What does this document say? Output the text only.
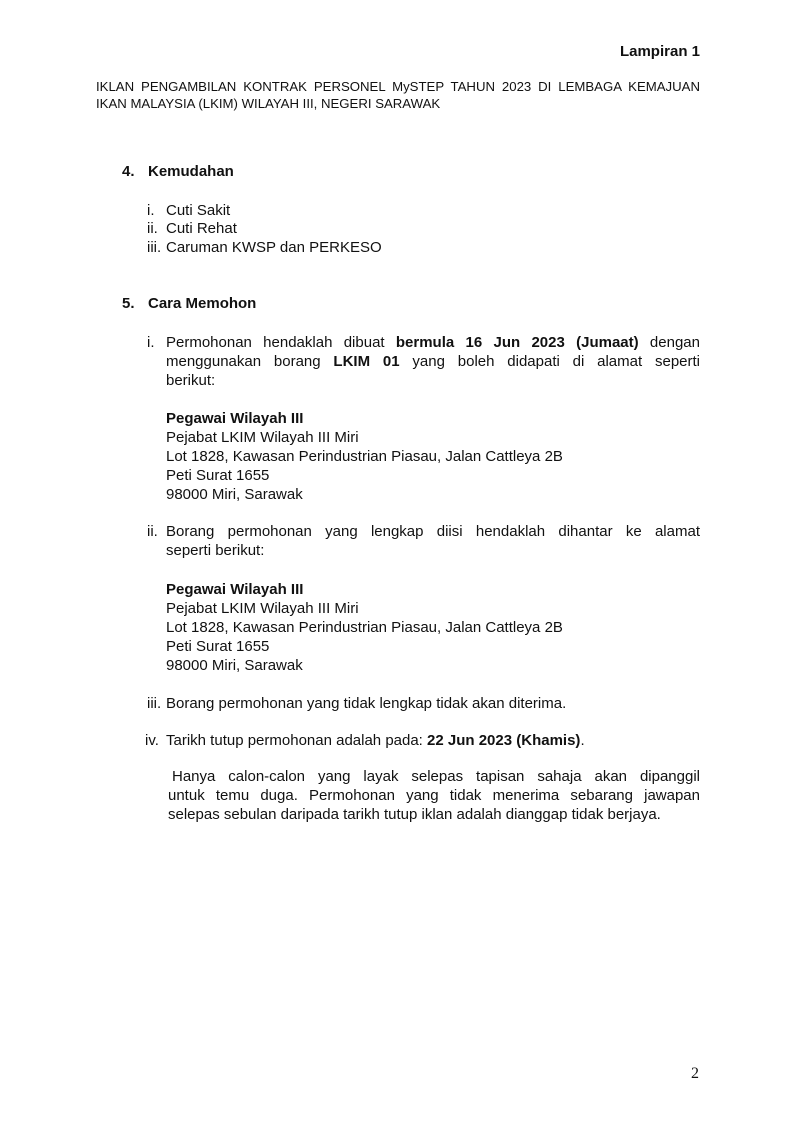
Lampiran 1
IKLAN PENGAMBILAN KONTRAK PERSONEL MySTEP TAHUN 2023 DI LEMBAGA KEMAJUAN
IKAN MALAYSIA (LKIM) WILAYAH III, NEGERI SARAWAK
4. Kemudahan
i. Cuti Sakit
ii. Cuti Rehat
iii. Caruman KWSP dan PERKESO
5. Cara Memohon
i. Permohonan hendaklah dibuat bermula 16 Jun 2023 (Jumaat) dengan
menggunakan borang LKIM 01 yang boleh didapati di alamat seperti
berikut:
Pegawai Wilayah III
Pejabat LKIM Wilayah III Miri
Lot 1828, Kawasan Perindustrian Piasau, Jalan Cattleya 2B
Peti Surat 1655
98000 Miri, Sarawak
ii. Borang permohonan yang lengkap diisi hendaklah dihantar ke alamat
seperti berikut:
Pegawai Wilayah III
Pejabat LKIM Wilayah III Miri
Lot 1828, Kawasan Perindustrian Piasau, Jalan Cattleya 2B
Peti Surat 1655
98000 Miri, Sarawak
iii. Borang permohonan yang tidak lengkap tidak akan diterima.
iv. Tarikh tutup permohonan adalah pada: 22 Jun 2023 (Khamis).
Hanya calon-calon yang layak selepas tapisan sahaja akan dipanggil
untuk temu duga. Permohonan yang tidak menerima sebarang jawapan
selepas sebulan daripada tarikh tutup iklan adalah dianggap tidak berjaya.
2
